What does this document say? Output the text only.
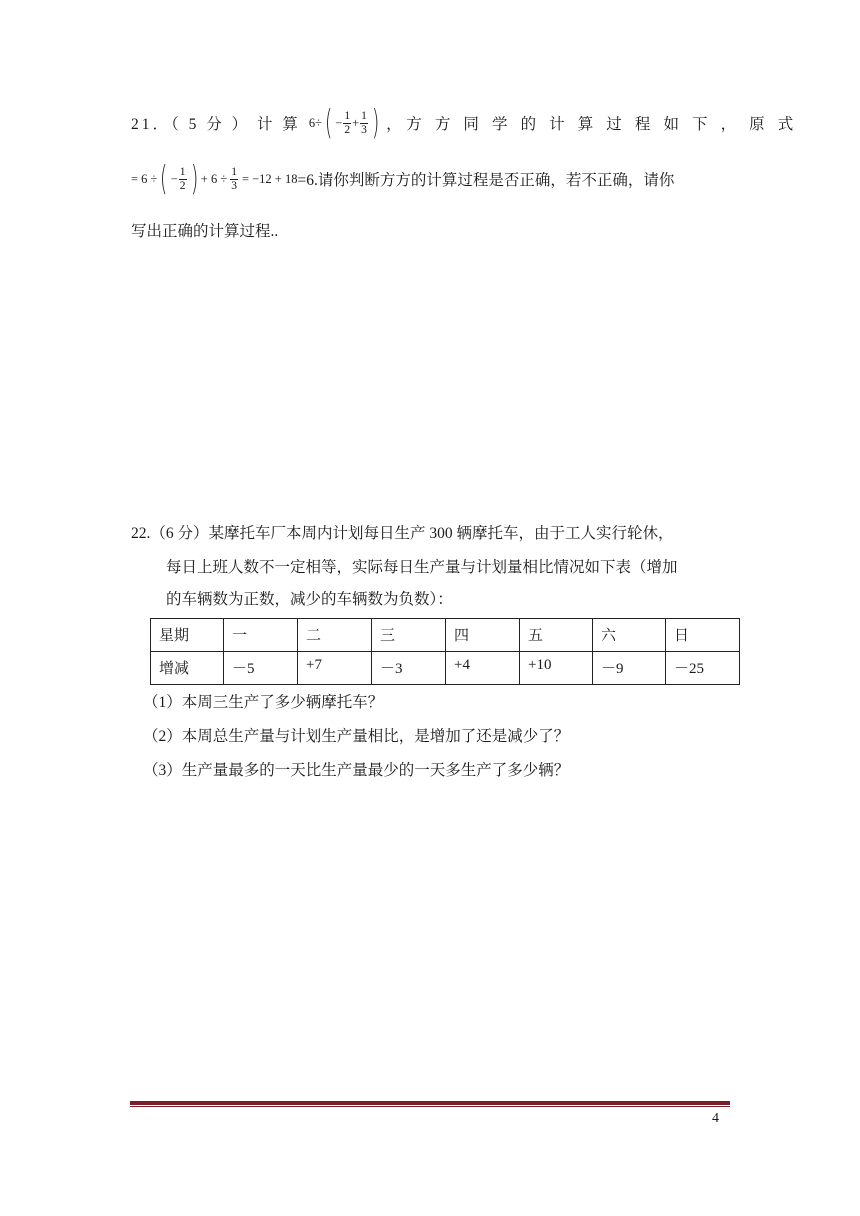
21．（ 5 分 ） 计 算 6÷ ( − $\frac{1}{2} + \frac{1}{3}$ ) ，方 方 同 学 的 计 算 过 程 如 下 ， 原 式
= 6 ÷ ( − $\frac{1}{2}$ ) + $6 \div \frac{1}{3} = -12 + 18 =6$.请你判断方方的计算过程是否正确，若不正确，请你
写出正确的计算过程..
22.（6 分）某摩托车厂本周内计划每日生产 300 辆摩托车，由于工人实行轮休，
每日上班人数不一定相等，实际每日生产量与计划量相比情况如下表（增加
的车辆数为正数，减少的车辆数为负数）：
星期	一	二	三	四	五	六	日
增减	－5	+7	－3	+4	+10	－9	－25
（1）本周三生产了多少辆摩托车？
（2）本周总生产量与计划生产量相比，是增加了还是减少了？
（3）生产量最多的一天比生产量最少的一天多生产了多少辆？
4
